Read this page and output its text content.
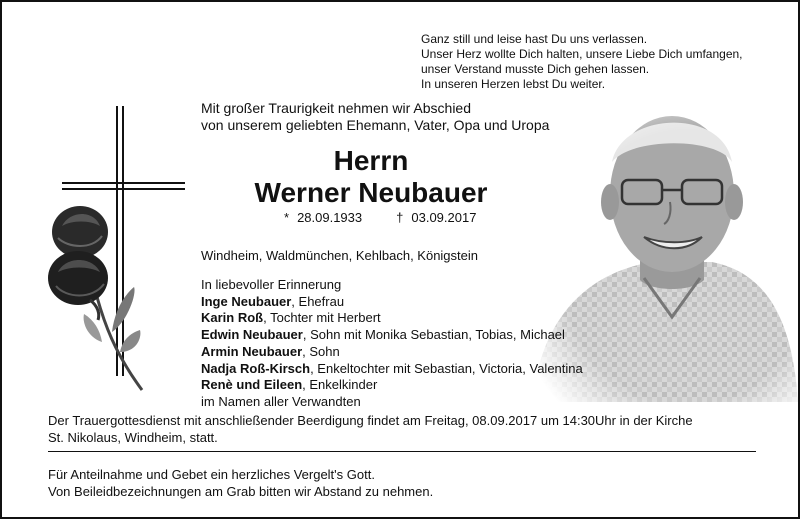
Ganz still und leise hast Du uns verlassen.
Unser Herz wollte Dich halten, unsere Liebe Dich umfangen,
unser Verstand musste Dich gehen lassen.
In unseren Herzen lebst Du weiter.
Mit großer Traurigkeit nehmen wir Abschied
von unserem geliebten Ehemann, Vater, Opa und Uropa
Herrn
Werner Neubauer
* 28.09.1933	† 03.09.2017
Windheim, Waldmünchen, Kehlbach, Königstein
In liebevoller Erinnerung
Inge Neubauer, Ehefrau
Karin Roß, Tochter mit Herbert
Edwin Neubauer, Sohn mit Monika Sebastian, Tobias, Michael
Armin Neubauer, Sohn
Nadja Roß-Kirsch, Enkeltochter mit Sebastian, Victoria, Valentina
Renè und Eileen, Enkelkinder
im Namen aller Verwandten
Der Trauergottesdienst mit anschließender Beerdigung findet am Freitag, 08.09.2017 um 14:30Uhr in der Kirche
St. Nikolaus, Windheim, statt.
Für Anteilnahme und Gebet ein herzliches Vergelt's Gott.
Von Beileidbezeichnungen am Grab bitten wir Abstand zu nehmen.
